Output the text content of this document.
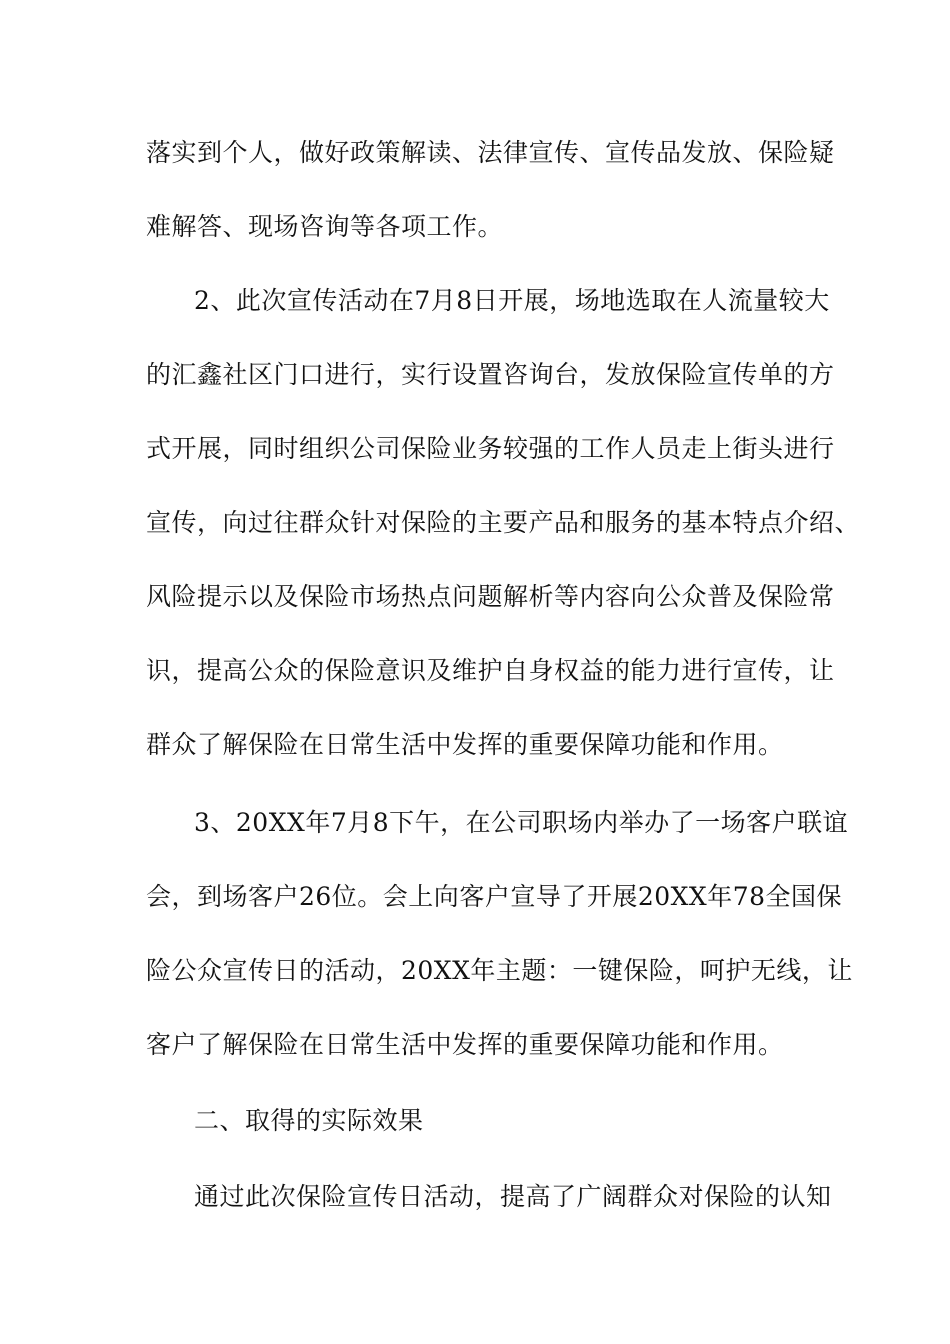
落实到个人，做好政策解读、法律宣传、宣传品发放、保险疑
难解答、现场咨询等各项工作。
2、此次宣传活动在7月8日开展，场地选取在人流量较大
的汇鑫社区门口进行，实行设置咨询台，发放保险宣传单的方
式开展，同时组织公司保险业务较强的工作人员走上街头进行
宣传，向过往群众针对保险的主要产品和服务的基本特点介绍、
风险提示以及保险市场热点问题解析等内容向公众普及保险常
识，提高公众的保险意识及维护自身权益的能力进行宣传，让
群众了解保险在日常生活中发挥的重要保障功能和作用。
3、20XX年7月8下午，在公司职场内举办了一场客户联谊
会，到场客户26位。会上向客户宣导了开展20XX年78全国保
险公众宣传日的活动，20XX年主题：一键保险，呵护无线，让
客户了解保险在日常生活中发挥的重要保障功能和作用。
二、取得的实际效果
通过此次保险宣传日活动，提高了广阔群众对保险的认知
